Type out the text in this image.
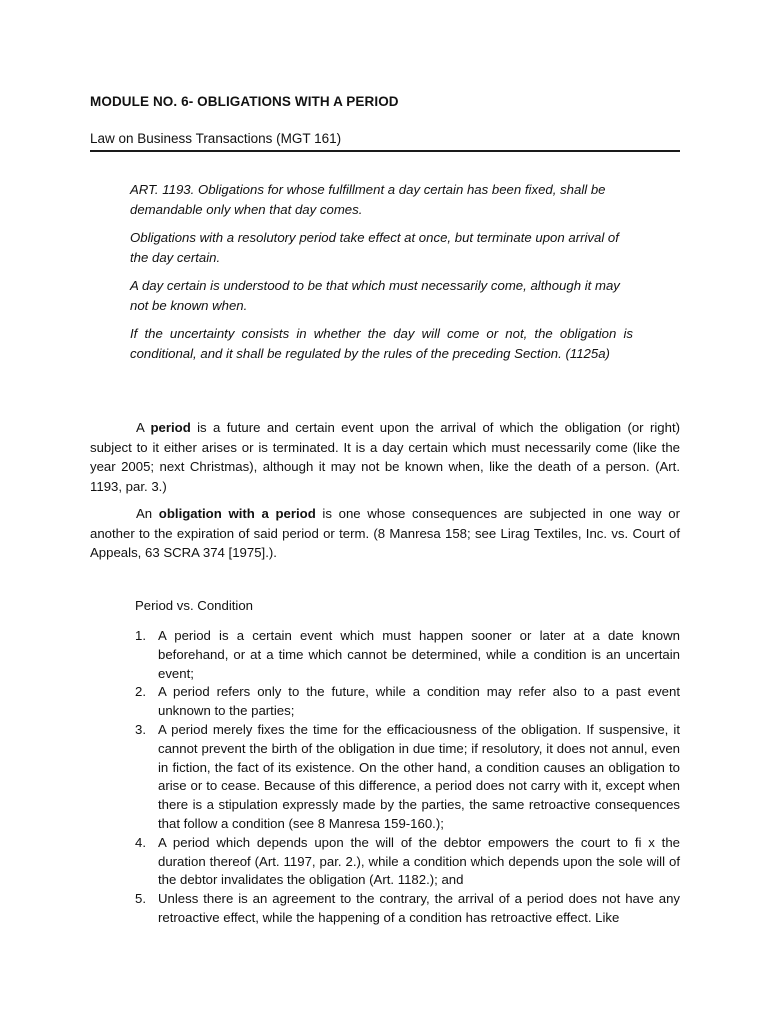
MODULE NO. 6- OBLIGATIONS WITH A PERIOD
Law on Business Transactions (MGT 161)

ART. 1193. Obligations for whose fulfillment a day certain has been fixed, shall be demandable only when that day comes.

Obligations with a resolutory period take effect at once, but terminate upon arrival of the day certain.

A day certain is understood to be that which must necessarily come, although it may not be known when.

If the uncertainty consists in whether the day will come or not, the obligation is conditional, and it shall be regulated by the rules of the preceding Section. (1125a)

A period is a future and certain event upon the arrival of which the obligation (or right) subject to it either arises or is terminated. It is a day certain which must necessarily come (like the year 2005; next Christmas), although it may not be known when, like the death of a person. (Art. 1193, par. 3.)
An obligation with a period is one whose consequences are subjected in one way or another to the expiration of said period or term. (8 Manresa 158; see Lirag Textiles, Inc. vs. Court of Appeals, 63 SCRA 374 [1975].).
Period vs. Condition
1. A period is a certain event which must happen sooner or later at a date known beforehand, or at a time which cannot be determined, while a condition is an uncertain event;
2. A period refers only to the future, while a condition may refer also to a past event unknown to the parties;
3. A period merely fixes the time for the efficaciousness of the obligation. If suspensive, it cannot prevent the birth of the obligation in due time; if resolutory, it does not annul, even in fiction, the fact of its existence. On the other hand, a condition causes an obligation to arise or to cease. Because of this difference, a period does not carry with it, except when there is a stipulation expressly made by the parties, the same retroactive consequences that follow a condition (see 8 Manresa 159-160.);
4. A period which depends upon the will of the debtor empowers the court to fi x the duration thereof (Art. 1197, par. 2.), while a condition which depends upon the sole will of the debtor invalidates the obligation (Art. 1182.); and
5. Unless there is an agreement to the contrary, the arrival of a period does not have any retroactive effect, while the happening of a condition has retroactive effect. Like
